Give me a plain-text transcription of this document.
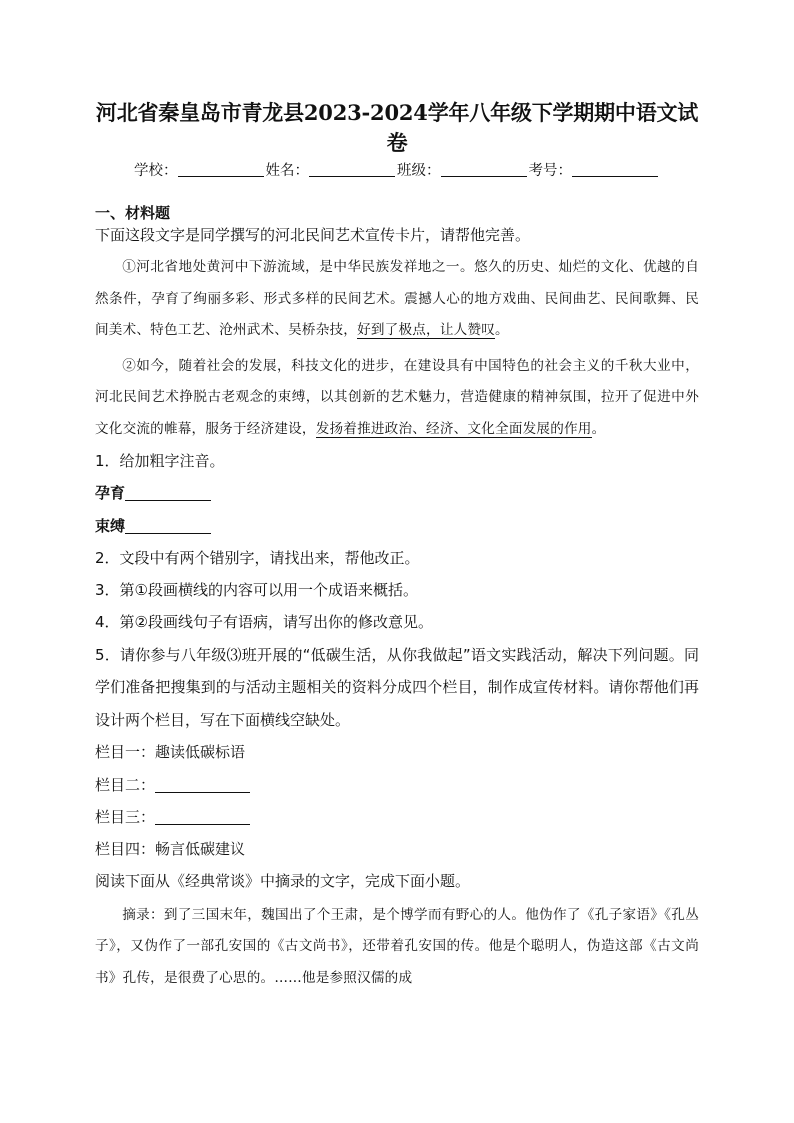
河北省秦皇岛市青龙县2023-2024学年八年级下学期期中语文试卷
学校：	姓名：	班级：	考号：
一、材料题
下面这段文字是同学撰写的河北民间艺术宣传卡片，请帮他完善。

①河北省地处黄河中下游流域，是中华民族发祥地之一。悠久的历史、灿烂的文化、优越的自然条件，孕育了绚丽多彩、形式多样的民间艺术。震撼人心的地方戏曲、民间曲艺、民间歌舞、民间美术、特色工艺、沧州武术、吴桥杂技，好到了极点，让人赞叹。

②如今，随着社会的发展，科技文化的进步，在建设具有中国特色的社会主义的千秋大业中，河北民间艺术挣脱古老观念的束缚，以其创新的艺术魅力，营造健康的精神氛围，拉开了促进中外文化交流的帷幕，服务于经济建设，发扬着推进政治、经济、文化全面发展的作用。

1．给加粗字注音。
孕育
束缚
2．文段中有两个错别字，请找出来，帮他改正。
3．第①段画横线的内容可以用一个成语来概括。
4．第②段画线句子有语病，请写出你的修改意见。
5．请你参与八年级⑶班开展的“低碳生活，从你我做起”语文实践活动，解决下列问题。同学们准备把搜集到的与活动主题相关的资料分成四个栏目，制作成宣传材料。请你帮他们再设计两个栏目，写在下面横线空缺处。
栏目一：趣读低碳标语
栏目二：
栏目三：
栏目四：畅言低碳建议
阅读下面从《经典常谈》中摘录的文字，完成下面小题。
摘录：到了三国末年，魏国出了个王肃，是个博学而有野心的人。他伪作了《孔子家语》《孔丛子》，又伪作了一部孔安国的《古文尚书》，还带着孔安国的传。他是个聪明人，伪造这部《古文尚书》孔传，是很费了心思的。……他是参照汉儒的成
